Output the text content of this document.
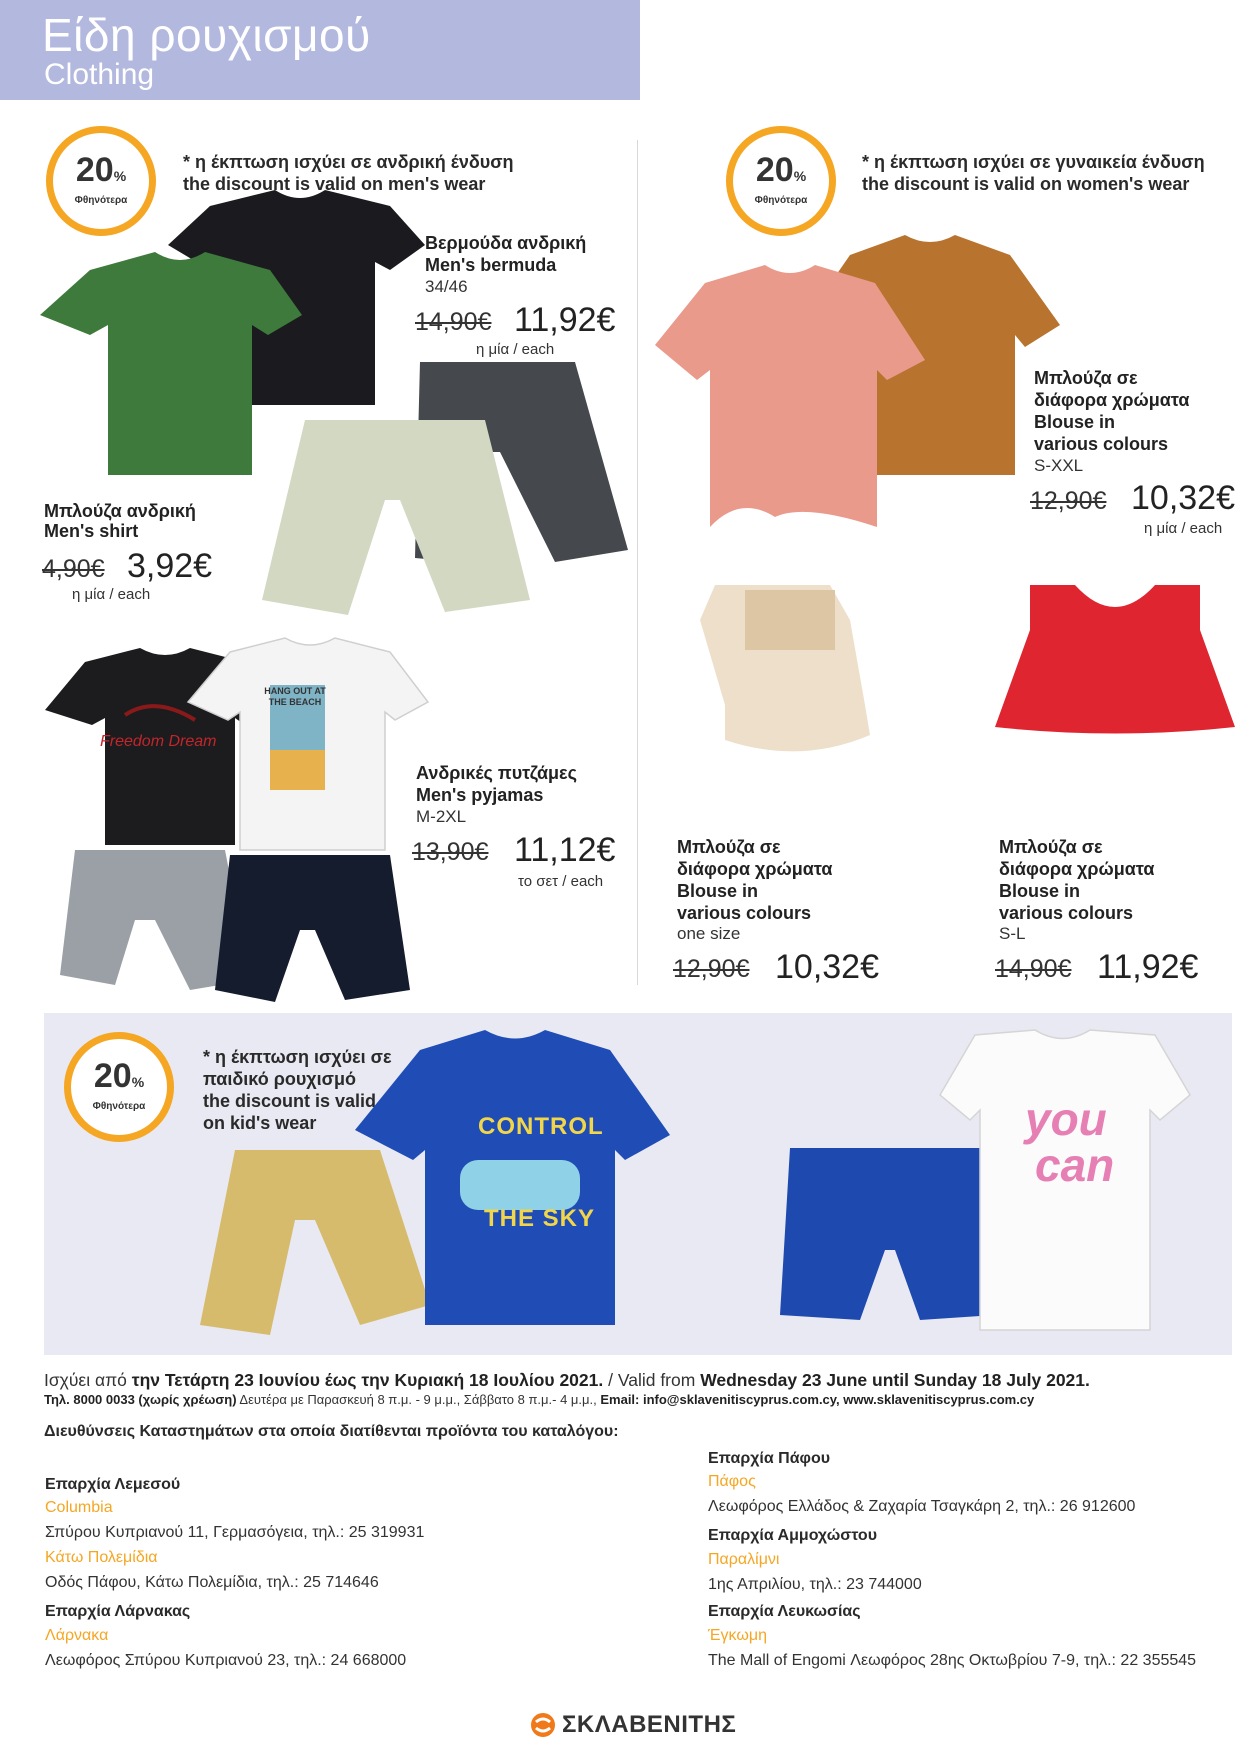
Είδη ρουχισμού
Clothing
20%
Φθηνότερα
* η έκπτωση ισχύει σε ανδρική ένδυση
the discount is valid on men's wear
HANG OUT AT THE BEACH
Freedom Dream
Βερμούδα ανδρική
Men's bermuda
34/46
14,90€ 11,92€
η μία / each
Μπλούζα ανδρική
Men's shirt
4,90€ 3,92€
η μία / each
Ανδρικές πυτζάμες
Men's pyjamas
M-2XL
13,90€ 11,12€
το σετ / each
20%
Φθηνότερα
* η έκπτωση ισχύει σε γυναικεία ένδυση
the discount is valid on women's wear
Μπλούζα σε
διάφορα χρώματα
Blouse in
various colours
S-XXL
12,90€ 10,32€
η μία / each
Μπλούζα σε
διάφορα χρώματα
Blouse in
various colours
one size
12,90€ 10,32€
Μπλούζα σε
διάφορα χρώματα
Blouse in
various colours
S-L
14,90€ 11,92€
20%
Φθηνότερα
* η έκπτωση ισχύει σε
παιδικό ρουχισμό
the discount is valid
on kid's wear	CONTROL
THE SKY
you
can
Ισχύει από την Τετάρτη 23 Ιουνίου έως την Κυριακή 18 Ιουλίου 2021. / Valid from Wednesday 23 June until Sunday 18 July 2021.
Τηλ. 8000 0033 (χωρίς χρέωση) Δευτέρα με Παρασκευή 8 π.μ. - 9 μ.μ., Σάββατο 8 π.μ.- 4 μ.μ., Email: info@sklavenitiscyprus.com.cy, www.sklavenitiscyprus.com.cy
Διευθύνσεις Καταστημάτων στα οποία διατίθενται προϊόντα του καταλόγου:
Επαρχία Λεμεσού
Columbia
Σπύρου Κυπριανού 11, Γερμασόγεια, τηλ.: 25 319931
Κάτω Πολεμίδια
Οδός Πάφου, Κάτω Πολεμίδια, τηλ.: 25 714646
Επαρχία Λάρνακας
Λάρνακα
Λεωφόρος Σπύρου Κυπριανού 23, τηλ.: 24 668000
Επαρχία Πάφου
Πάφος
Λεωφόρος Ελλάδος & Ζαχαρία Τσαγκάρη 2, τηλ.: 26 912600
Επαρχία Αμμοχώστου
Παραλίμνι
1ης Απριλίου, τηλ.: 23 744000
Επαρχία Λευκωσίας
Έγκωμη
The Mall of Engomi Λεωφόρος 28ης Οκτωβρίου 7-9, τηλ.: 22 355545
ΣΚΛΑΒΕΝΙΤΗΣ
